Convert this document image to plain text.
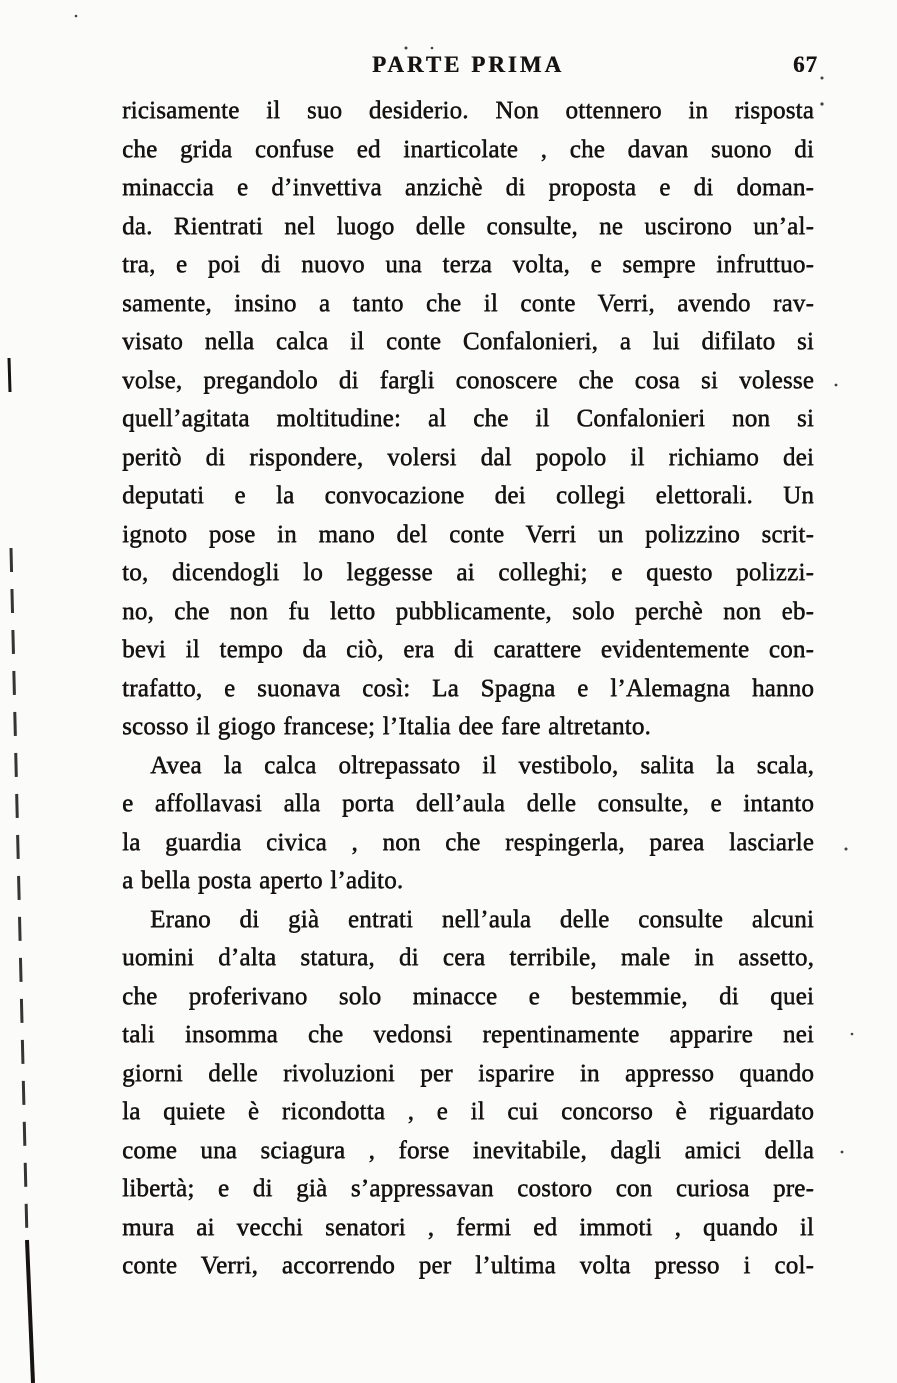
PARTE PRIMA	67
ricisamente il suo desiderio. Non ottennero in risposta
che grida confuse ed inarticolate , che davan suono di
minaccia e d’invettiva anzichè di proposta e di doman-
da. Rientrati nel luogo delle consulte, ne uscirono un’al-
tra, e poi di nuovo una terza volta, e sempre infruttuo-
samente, insino a tanto che il conte Verri, avendo rav-
visato nella calca il conte Confalonieri, a lui difilato si
volse, pregandolo di fargli conoscere che cosa si volesse
quell’agitata moltitudine: al che il Confalonieri non si
peritò di rispondere, volersi dal popolo il richiamo dei
deputati e la convocazione dei collegi elettorali. Un
ignoto pose in mano del conte Verri un polizzino scrit-
to, dicendogli lo leggesse ai colleghi; e questo polizzi-
no, che non fu letto pubblicamente, solo perchè non eb-
bevi il tempo da ciò, era di carattere evidentemente con-
trafatto, e suonava così: La Spagna e l’Alemagna hanno
scosso il giogo francese; l’Italia dee fare altretanto.
Avea la calca oltrepassato il vestibolo, salita la scala,
e affollavasi alla porta dell’aula delle consulte, e intanto
la guardia civica , non che respingerla, parea lasciarle
a bella posta aperto l’adito.
Erano di già entrati nell’aula delle consulte alcuni
uomini d’alta statura, di cera terribile, male in assetto,
che proferivano solo minacce e bestemmie, di quei
tali insomma che vedonsi repentinamente apparire nei
giorni delle rivoluzioni per isparire in appresso quando
la quiete è ricondotta , e il cui concorso è riguardato
come una sciagura , forse inevitabile, dagli amici della
libertà; e di già s’appressavan costoro con curiosa pre-
mura ai vecchi senatori , fermi ed immoti , quando il
conte Verri, accorrendo per l’ultima volta presso i col-
